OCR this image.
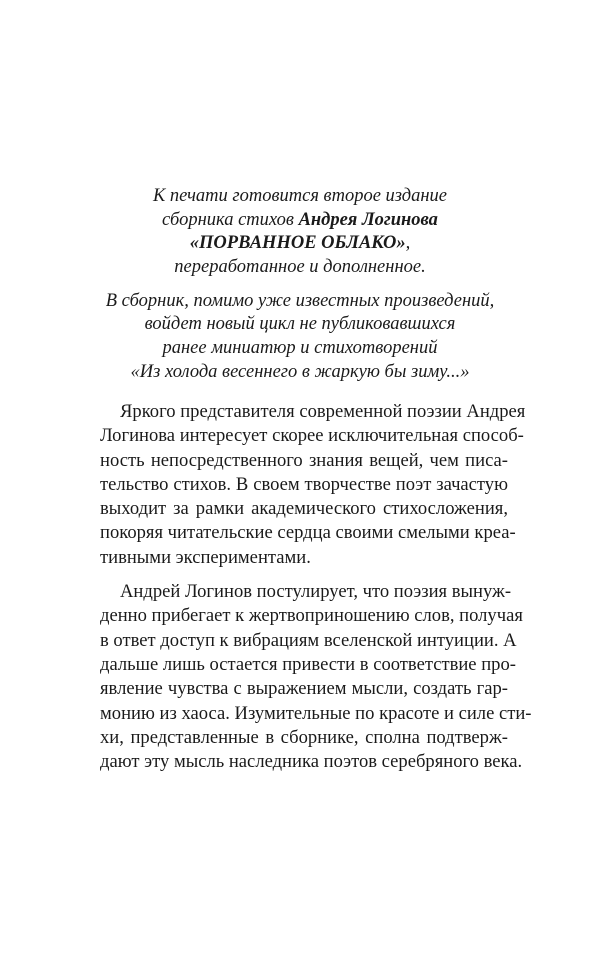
К печати готовится второе издание
сборника стихов Андрея Логинова
«ПОРВАННОЕ ОБЛАКО»,
переработанное и дополненное.
В сборник, помимо уже известных произведений,
войдет новый цикл не публиковавшихся
ранее миниатюр и стихотворений
«Из холода весеннего в жаркую бы зиму...»
Яркого представителя современной поэзии Андрея
Логинова интересует скорее исключительная способ-
ность непосредственного знания вещей, чем писа-
тельство стихов. В своем творчестве поэт зачастую
выходит за рамки академического стихосложения,
покоряя читательские сердца своими смелыми креа-
тивными экспериментами.
Андрей Логинов постулирует, что поэзия вынуж-
денно прибегает к жертвоприношению слов, получая
в ответ доступ к вибрациям вселенской интуиции. А
дальше лишь остается привести в соответствие про-
явление чувства с выражением мысли, создать гар-
монию из хаоса. Изумительные по красоте и силе сти-
хи, представленные в сборнике, сполна подтверж-
дают эту мысль наследника поэтов серебряного века.
